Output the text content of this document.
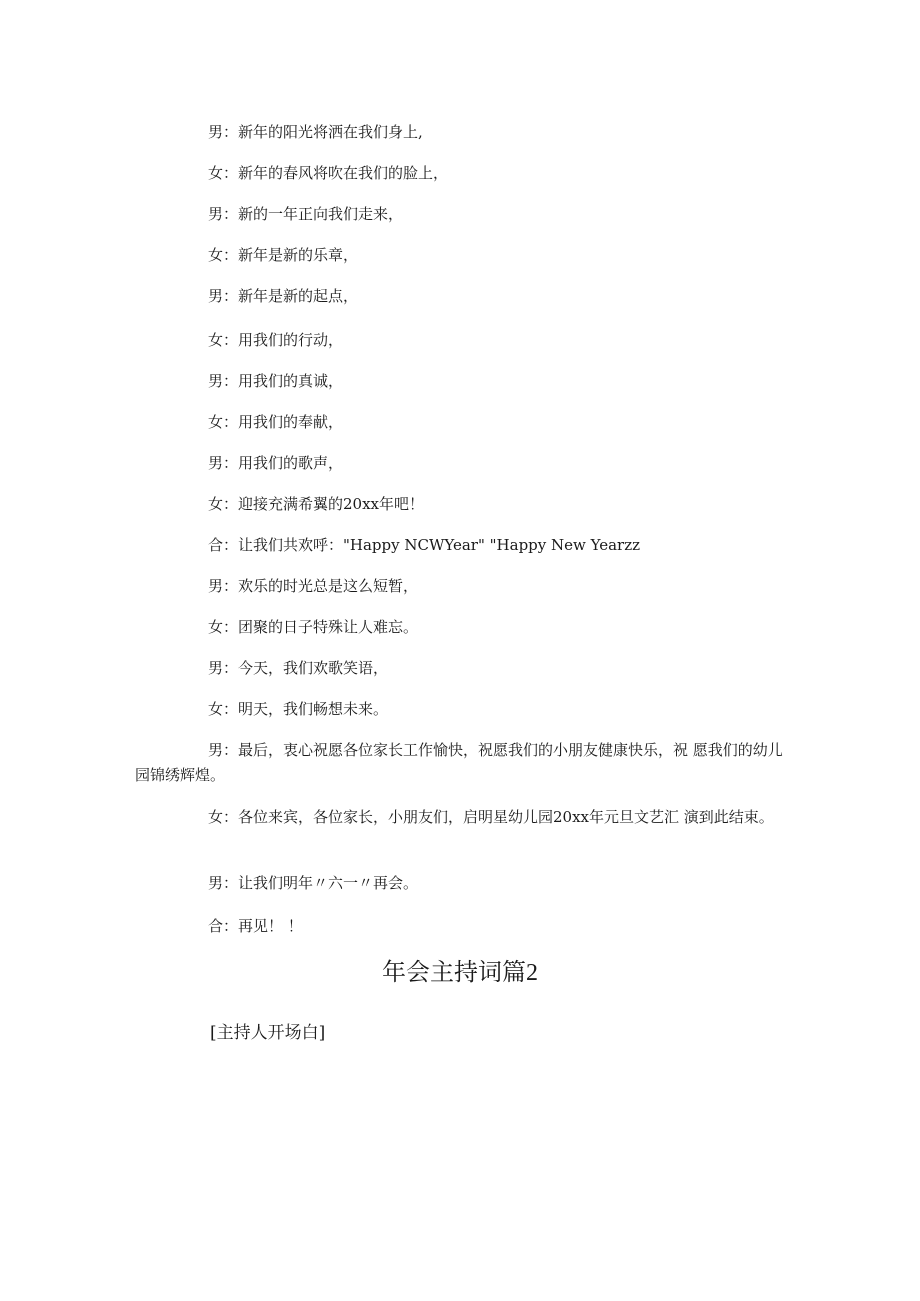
男：新年的阳光将洒在我们身上,
女：新年的春风将吹在我们的脸上，
男：新的一年正向我们走来，
女：新年是新的乐章，
男：新年是新的起点，
女：用我们的行动，
男：用我们的真诚，
女：用我们的奉献，
男：用我们的歌声，
女：迎接充满希翼的20xx年吧！
合：让我们共欢呼："Happy NCWYear" "Happy New Yearzz
男：欢乐的时光总是这么短暂，
女：团聚的日子特殊让人难忘。
男：今天，我们欢歌笑语，
女：明天，我们畅想未来。
男：最后，衷心祝愿各位家长工作愉快，祝愿我们的小朋友健康快乐，祝 愿我们的幼儿园锦绣辉煌。
女：各位来宾，各位家长，小朋友们，启明星幼儿园20xx年元旦文艺汇 演到此结束。
男：让我们明年〃六一〃再会。
合：再见！ ！
年会主持词篇2
[主持人开场白]
